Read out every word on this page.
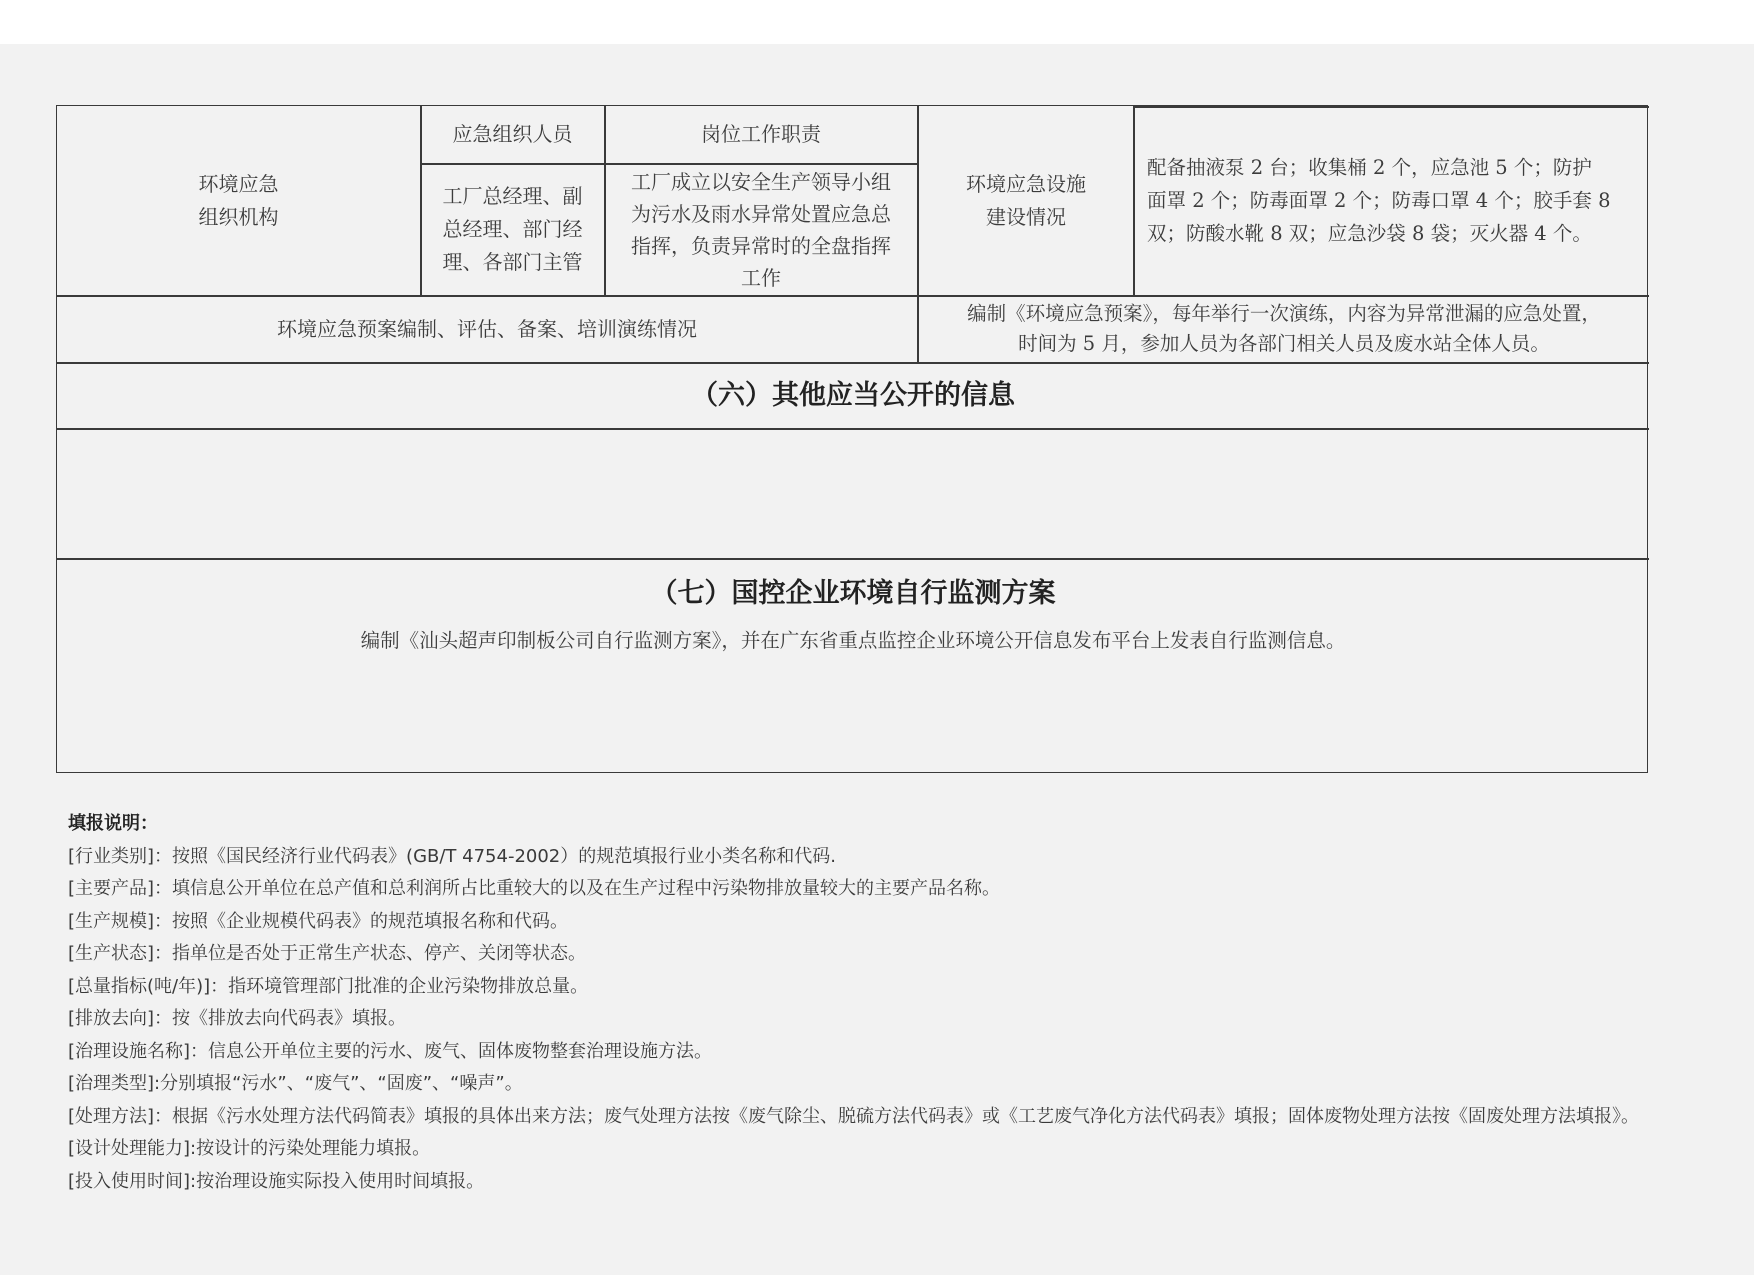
环境应急
组织机构
应急组织人员	岗位工作职责
工厂总经理、副
总经理、部门经
理、各部门主管
工厂成立以安全生产领导小组
为污水及雨水异常处置应急总
指挥，负责异常时的全盘指挥
工作
环境应急设施
建设情况
配备抽液泵 2 台；收集桶 2 个，应急池 5 个；防护
面罩 2 个；防毒面罩 2 个；防毒口罩 4 个；胶手套 8
双；防酸水靴 8 双；应急沙袋 8 袋；灭火器 4 个。
环境应急预案编制、评估、备案、培训演练情况
编制《环境应急预案》，每年举行一次演练，内容为异常泄漏的应急处置，
时间为 5 月，参加人员为各部门相关人员及废水站全体人员。
（六）其他应当公开的信息
（七）国控企业环境自行监测方案
编制《汕头超声印制板公司自行监测方案》，并在广东省重点监控企业环境公开信息发布平台上发表自行监测信息。
填报说明：
[行业类别]：按照《国民经济行业代码表》(GB/T 4754-2002）的规范填报行业小类名称和代码.
[主要产品]：填信息公开单位在总产值和总利润所占比重较大的以及在生产过程中污染物排放量较大的主要产品名称。
[生产规模]：按照《企业规模代码表》的规范填报名称和代码。
[生产状态]：指单位是否处于正常生产状态、停产、关闭等状态。
[总量指标(吨/年)]：指环境管理部门批准的企业污染物排放总量。
[排放去向]：按《排放去向代码表》填报。
[治理设施名称]：信息公开单位主要的污水、废气、固体废物整套治理设施方法。
[治理类型]:分别填报“污水”、“废气”、“固废”、“噪声”。
[处理方法]：根据《污水处理方法代码简表》填报的具体出来方法；废气处理方法按《废气除尘、脱硫方法代码表》或《工艺废气净化方法代码表》填报；固体废物处理方法按《固废处理方法填报》。
[设计处理能力]:按设计的污染处理能力填报。
[投入使用时间]:按治理设施实际投入使用时间填报。
